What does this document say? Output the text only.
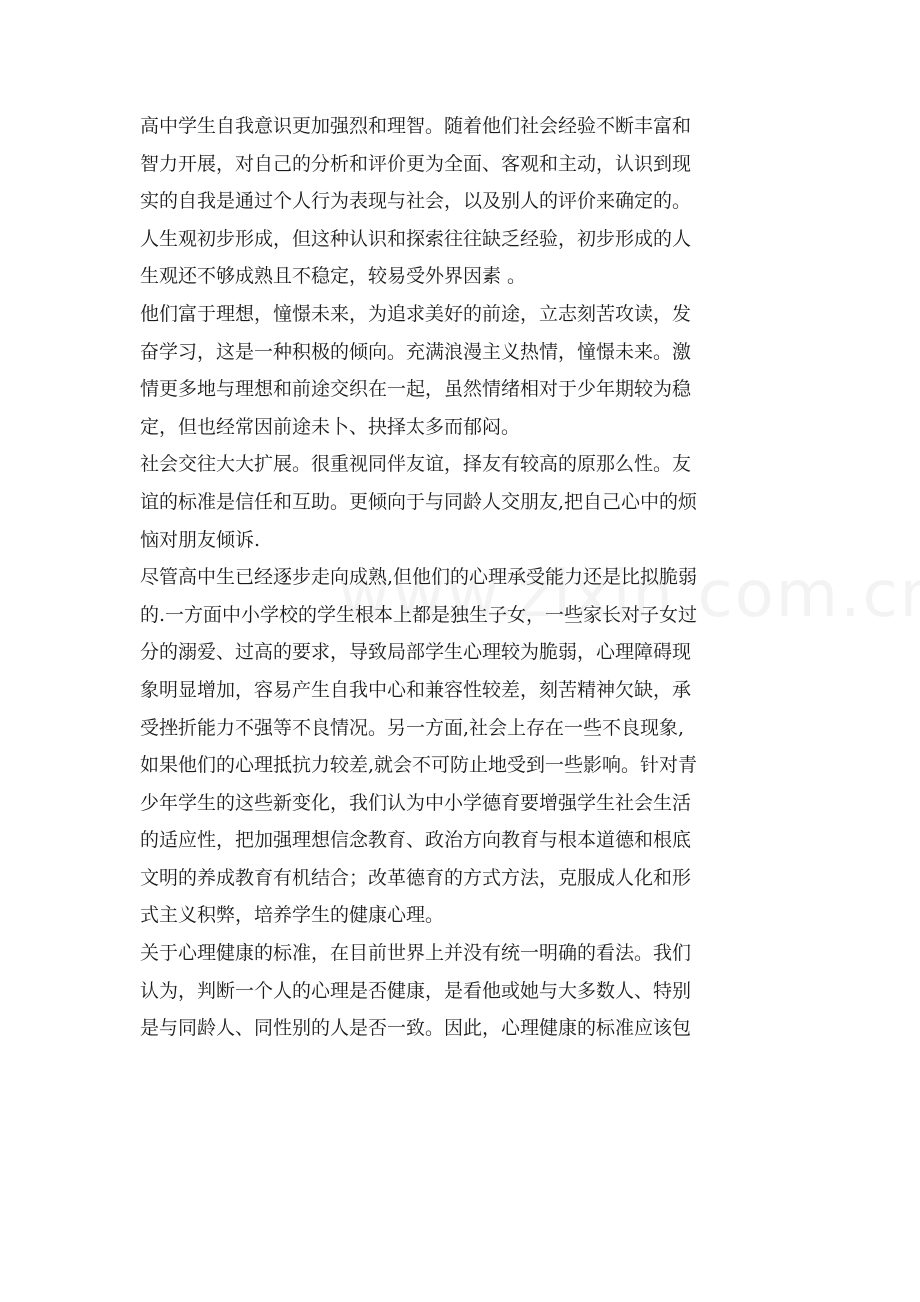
高中学生自我意识更加强烈和理智。随着他们社会经验不断丰富和
智力开展，对自己的分析和评价更为全面、客观和主动，认识到现
实的自我是通过个人行为表现与社会，以及别人的评价来确定的。
人生观初步形成，但这种认识和探索往往缺乏经验，初步形成的人
生观还不够成熟且不稳定，较易受外界因素 。
他们富于理想，憧憬未来，为追求美好的前途，立志刻苦攻读，发
奋学习，这是一种积极的倾向。充满浪漫主义热情，憧憬未来。激
情更多地与理想和前途交织在一起，虽然情绪相对于少年期较为稳
定，但也经常因前途未卜、抉择太多而郁闷。
社会交往大大扩展。很重视同伴友谊，择友有较高的原那么性。友
谊的标准是信任和互助。更倾向于与同龄人交朋友,把自己心中的烦
恼对朋友倾诉.
尽管高中生已经逐步走向成熟,但他们的心理承受能力还是比拟脆弱
的.一方面中小学校的学生根本上都是独生子女，一些家长对子女过
分的溺爱、过高的要求，导致局部学生心理较为脆弱，心理障碍现
象明显增加，容易产生自我中心和兼容性较差，刻苦精神欠缺，承
受挫折能力不强等不良情况。另一方面,社会上存在一些不良现象,
如果他们的心理抵抗力较差,就会不可防止地受到一些影响。针对青
少年学生的这些新变化，我们认为中小学德育要增强学生社会生活
的适应性，把加强理想信念教育、政治方向教育与根本道德和根底
文明的养成教育有机结合；改革德育的方式方法，克服成人化和形
式主义积弊，培养学生的健康心理。
关于心理健康的标准，在目前世界上并没有统一明确的看法。我们
认为，判断一个人的心理是否健康，是看他或她与大多数人、特别
是与同龄人、同性别的人是否一致。因此，心理健康的标准应该包
